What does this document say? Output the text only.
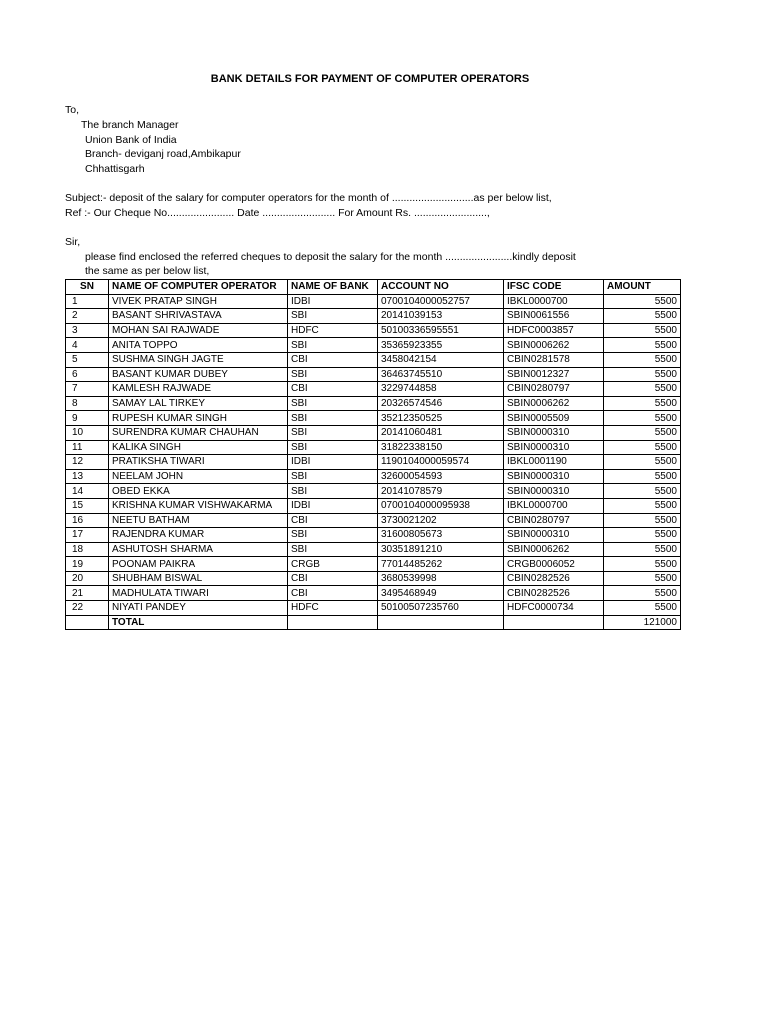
BANK DETAILS FOR PAYMENT OF COMPUTER OPERATORS
To,
The branch Manager
Union Bank of India
Branch- deviganj road,Ambikapur
Chhattisgarh
Subject:- deposit of the salary for computer operators for the month of ............................as per below list,
Ref :- Our Cheque No....................... Date ......................... For Amount Rs. .........................,
Sir,
please find enclosed the referred cheques to deposit the salary for the month .......................kindly deposit
the same as per below list,
SN	NAME OF COMPUTER OPERATOR	NAME OF BANK	ACCOUNT NO	IFSC CODE	AMOUNT
1	VIVEK PRATAP SINGH	IDBI	0700104000052757	IBKL0000700	5500
2	BASANT SHRIVASTAVA	SBI	20141039153	SBIN0061556	5500
3	MOHAN SAI RAJWADE	HDFC	50100336595551	HDFC0003857	5500
4	ANITA TOPPO	SBI	35365923355	SBIN0006262	5500
5	SUSHMA SINGH JAGTE	CBI	3458042154	CBIN0281578	5500
6	BASANT KUMAR DUBEY	SBI	36463745510	SBIN0012327	5500
7	KAMLESH RAJWADE	CBI	3229744858	CBIN0280797	5500
8	SAMAY LAL TIRKEY	SBI	20326574546	SBIN0006262	5500
9	RUPESH KUMAR SINGH	SBI	35212350525	SBIN0005509	5500
10	SURENDRA KUMAR CHAUHAN	SBI	20141060481	SBIN0000310	5500
11	KALIKA SINGH	SBI	31822338150	SBIN0000310	5500
12	PRATIKSHA TIWARI	IDBI	1190104000059574	IBKL0001190	5500
13	NEELAM JOHN	SBI	32600054593	SBIN0000310	5500
14	OBED EKKA	SBI	20141078579	SBIN0000310	5500
15	KRISHNA KUMAR VISHWAKARMA	IDBI	0700104000095938	IBKL0000700	5500
16	NEETU BATHAM	CBI	3730021202	CBIN0280797	5500
17	RAJENDRA KUMAR	SBI	31600805673	SBIN0000310	5500
18	ASHUTOSH SHARMA	SBI	30351891210	SBIN0006262	5500
19	POONAM PAIKRA	CRGB	77014485262	CRGB0006052	5500
20	SHUBHAM BISWAL	CBI	3680539998	CBIN0282526	5500
21	MADHULATA TIWARI	CBI	3495468949	CBIN0282526	5500
22	NIYATI PANDEY	HDFC	50100507235760	HDFC0000734	5500
	TOTAL				121000
